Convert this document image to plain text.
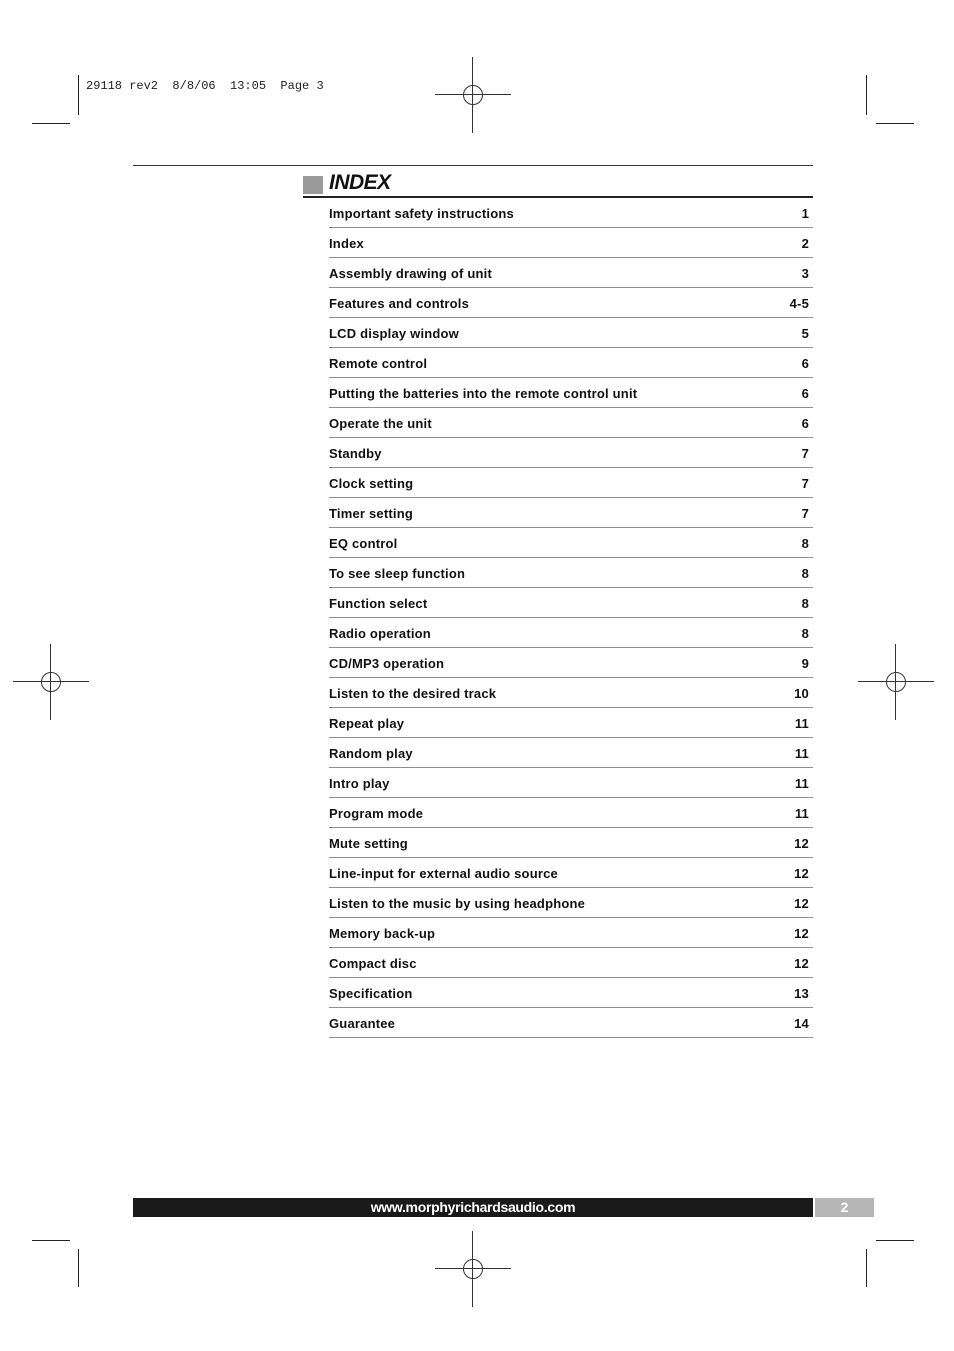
29118 rev2  8/8/06  13:05  Page 3
INDEX
Important safety instructions	1
Index	2
Assembly drawing of unit	3
Features and controls	4-5
LCD display window	5
Remote control	6
Putting the batteries into the remote control unit	6
Operate the unit	6
Standby	7
Clock setting	7
Timer setting	7
EQ control	8
To see sleep function	8
Function select	8
Radio operation	8
CD/MP3 operation	9
Listen to the desired track	10
Repeat play	11
Random play	11
Intro play	11
Program mode	11
Mute setting	12
Line-input for external audio source	12
Listen to the music by using headphone	12
Memory back-up	12
Compact disc	12
Specification	13
Guarantee	14
www.morphyrichardsaudio.com	2
